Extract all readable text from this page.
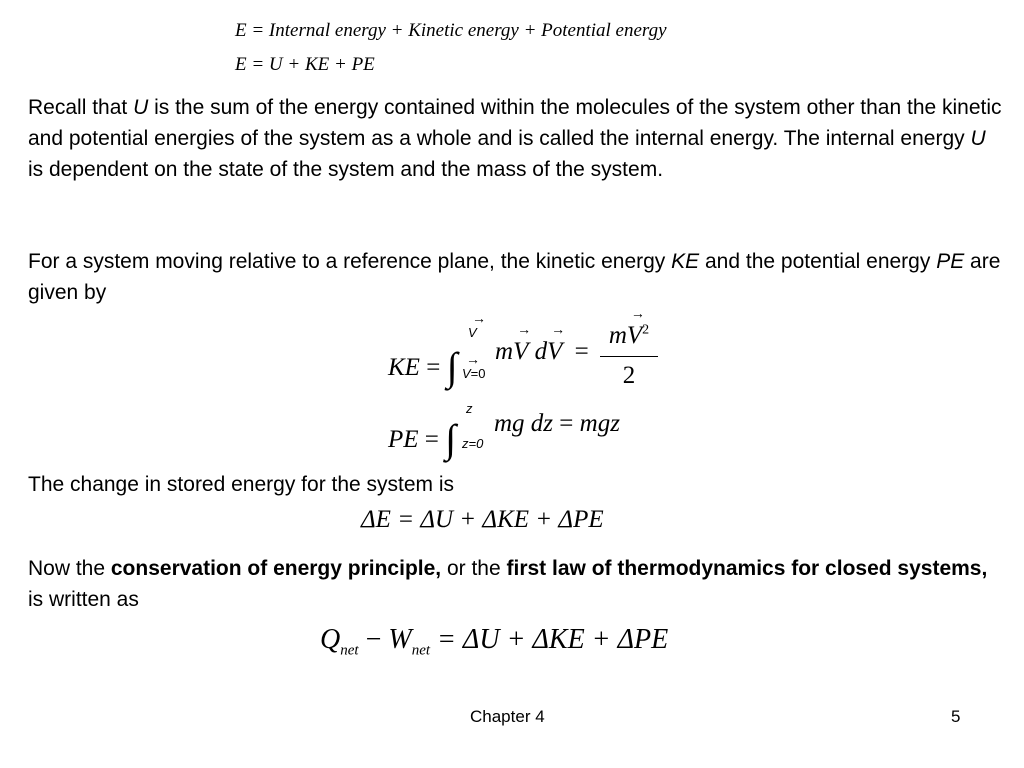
E = Internal energy + Kinetic energy + Potential energy
E = U + KE + PE

Recall that U is the sum of the energy contained within the molecules of the system other than the kinetic and potential energies of the system as a whole and is called the internal energy. The internal energy U is dependent on the state of the system and the mass of the system.

For a system moving relative to a reference plane, the kinetic energy KE and the potential energy PE are given by

KE = ∫
→ V
→ V=0
m→ V d→ V =
$m\to V^2$
2
PE = ∫
z
z=0
mg dz = mgz

The change in stored energy for the system is

ΔE = ΔU + ΔKE + ΔPE

Now the conservation of energy principle, or the first law of thermodynamics for closed systems, is written as

$Q_{net} - W_{net} = \Delta U + \Delta KE + \Delta PE$
Chapter 4	5
